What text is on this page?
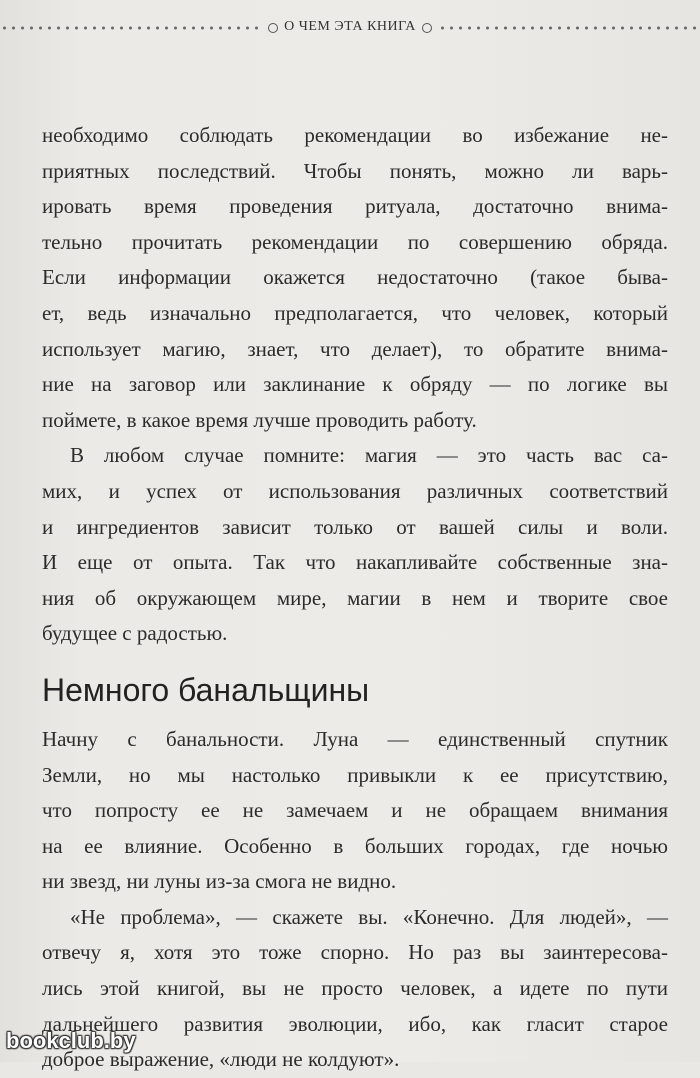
О ЧЕМ ЭТА КНИГА
необходимо соблюдать рекомендации во избежание не-
приятных последствий. Чтобы понять, можно ли варь-
ировать время проведения ритуала, достаточно внима-
тельно прочитать рекомендации по совершению обряда.
Если информации окажется недостаточно (такое быва-
ет, ведь изначально предполагается, что человек, который
использует магию, знает, что делает), то обратите внима-
ние на заговор или заклинание к обряду — по логике вы
поймете, в какое время лучше проводить работу.
В любом случае помните: магия — это часть вас са-
мих, и успех от использования различных соответствий
и ингредиентов зависит только от вашей силы и воли.
И еще от опыта. Так что накапливайте собственные зна-
ния об окружающем мире, магии в нем и творите свое
будущее с радостью.
Немного банальщины
Начну с банальности. Луна — единственный спутник
Земли, но мы настолько привыкли к ее присутствию,
что попросту ее не замечаем и не обращаем внимания
на ее влияние. Особенно в больших городах, где ночью
ни звезд, ни луны из-за смога не видно.
«Не проблема», — скажете вы. «Конечно. Для людей», —
отвечу я, хотя это тоже спорно. Но раз вы заинтересова-
лись этой книгой, вы не просто человек, а идете по пути
дальнейшего развития эволюции, ибо, как гласит старое
доброе выражение, «люди не колдуют».
bookclub.by
